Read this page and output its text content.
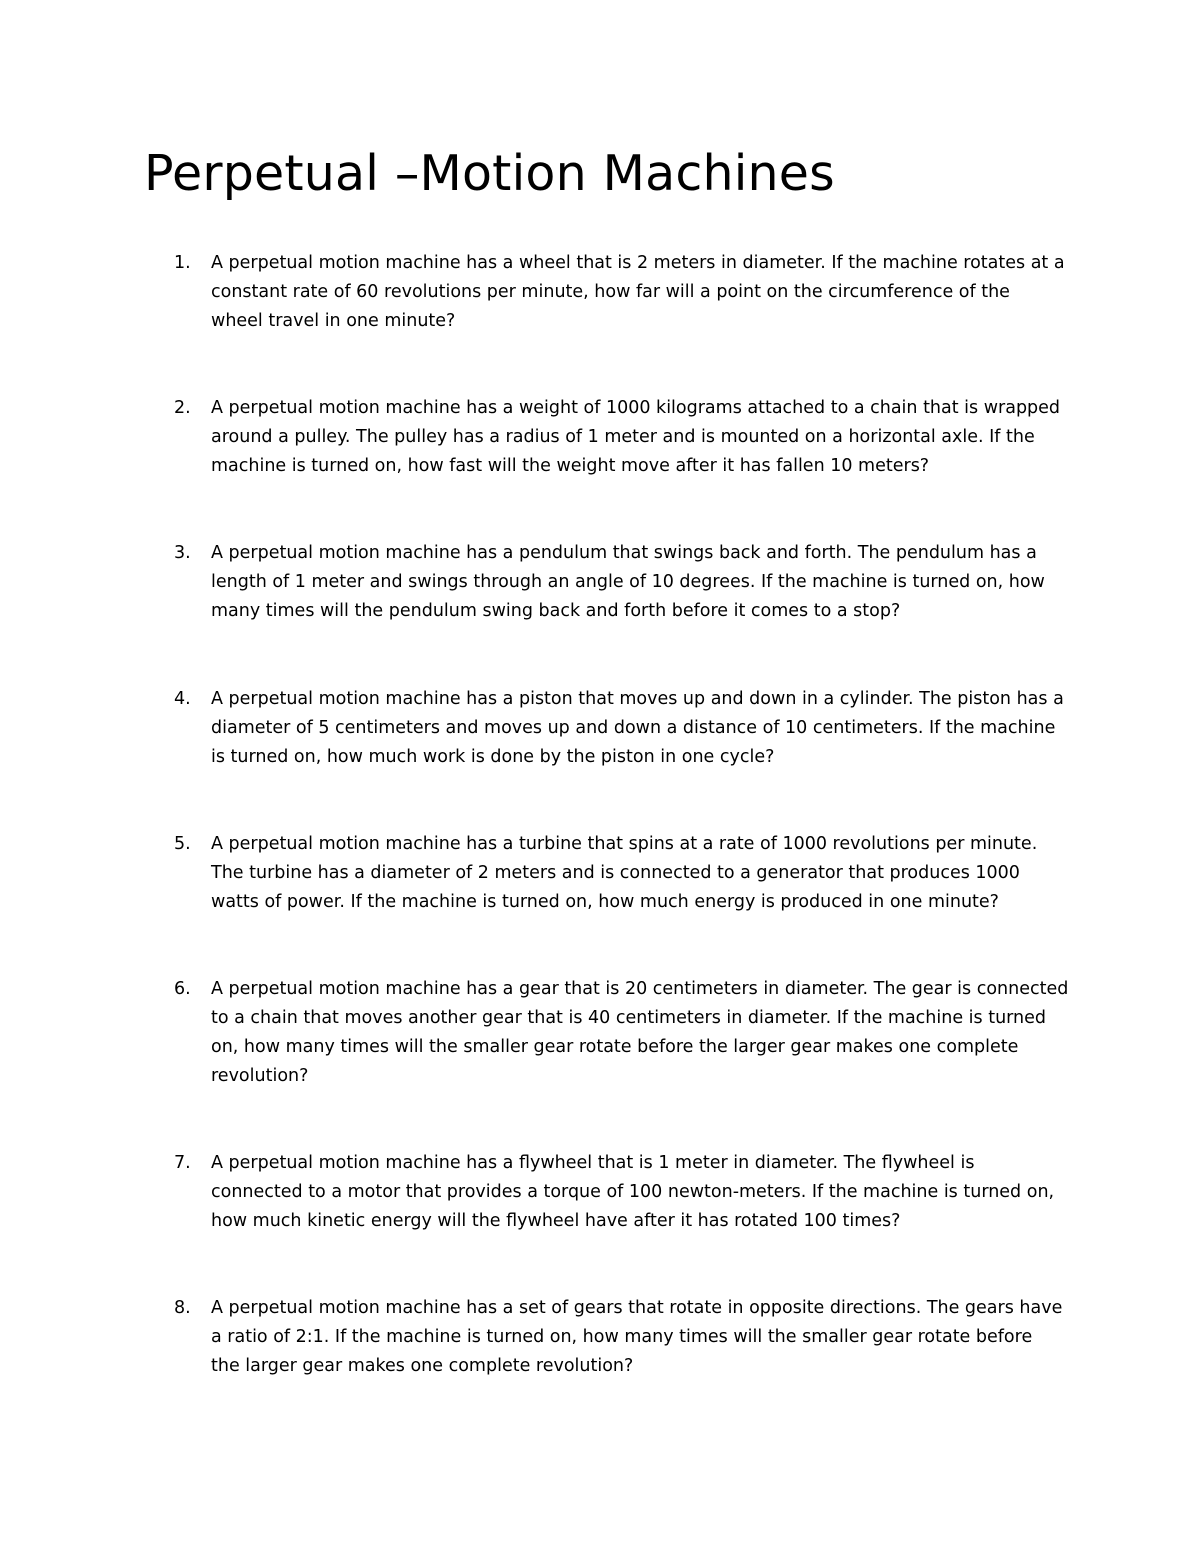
Perpetual –Motion Machines
1. A perpetual motion machine has a wheel that is 2 meters in diameter. If the machine rotates at a
constant rate of 60 revolutions per minute, how far will a point on the circumference of the
wheel travel in one minute?
2. A perpetual motion machine has a weight of 1000 kilograms attached to a chain that is wrapped
around a pulley. The pulley has a radius of 1 meter and is mounted on a horizontal axle. If the
machine is turned on, how fast will the weight move after it has fallen 10 meters?
3. A perpetual motion machine has a pendulum that swings back and forth. The pendulum has a
length of 1 meter and swings through an angle of 10 degrees. If the machine is turned on, how
many times will the pendulum swing back and forth before it comes to a stop?
4. A perpetual motion machine has a piston that moves up and down in a cylinder. The piston has a
diameter of 5 centimeters and moves up and down a distance of 10 centimeters. If the machine
is turned on, how much work is done by the piston in one cycle?
5. A perpetual motion machine has a turbine that spins at a rate of 1000 revolutions per minute.
The turbine has a diameter of 2 meters and is connected to a generator that produces 1000
watts of power. If the machine is turned on, how much energy is produced in one minute?
6. A perpetual motion machine has a gear that is 20 centimeters in diameter. The gear is connected
to a chain that moves another gear that is 40 centimeters in diameter. If the machine is turned
on, how many times will the smaller gear rotate before the larger gear makes one complete
revolution?
7. A perpetual motion machine has a flywheel that is 1 meter in diameter. The flywheel is
connected to a motor that provides a torque of 100 newton-meters. If the machine is turned on,
how much kinetic energy will the flywheel have after it has rotated 100 times?
8. A perpetual motion machine has a set of gears that rotate in opposite directions. The gears have
a ratio of 2:1. If the machine is turned on, how many times will the smaller gear rotate before
the larger gear makes one complete revolution?
